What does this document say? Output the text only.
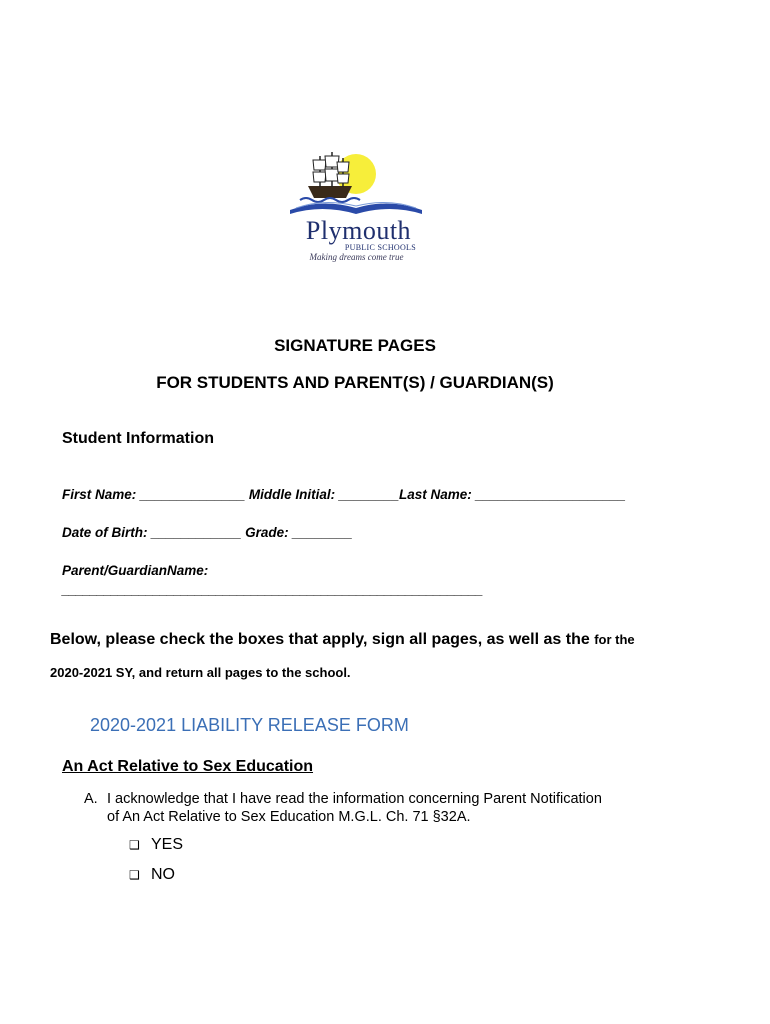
Plymouth
PUBLIC SCHOOLS
Making dreams come true
SIGNATURE PAGES
FOR STUDENTS AND PARENT(S) / GUARDIAN(S)
Student Information
First Name: ______________ Middle Initial: ________Last Name: ____________________
Date of Birth: ____________ Grade: ________
Parent/GuardianName:
____________________________________________________________
Below, please check the boxes that apply, sign all pages, as well as the for the
2020-2021 SY, and return all pages to the school.
2020-2021 LIABILITY RELEASE FORM
An Act Relative to Sex Education
A. I acknowledge that I have read the information concerning Parent Notification
of An Act Relative to Sex Education M.G.L. Ch. 71 §32A.
❑ YES
❑ NO
